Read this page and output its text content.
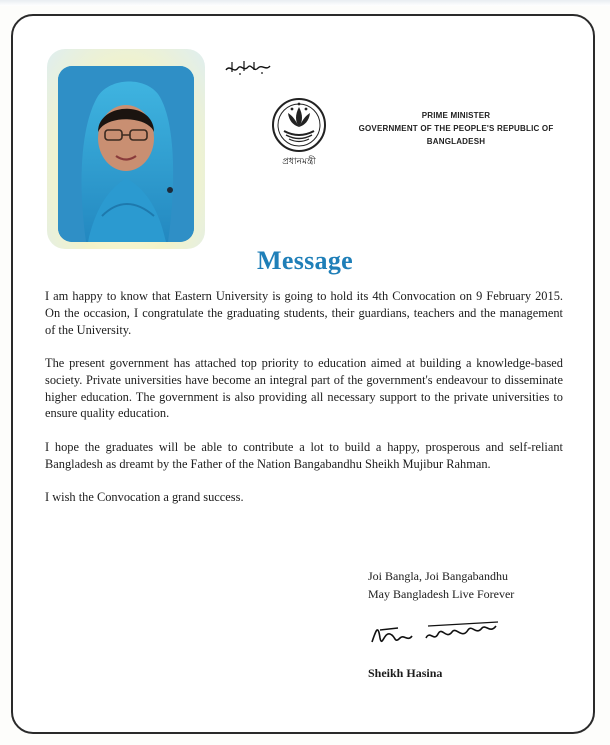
প্রধানমন্ত্রী
PRIME MINISTER
GOVERNMENT OF THE PEOPLE'S REPUBLIC OF
BANGLADESH
Message

I am happy to know that Eastern University is going to hold its 4th Convocation on 9 February 2015. On the occasion, I congratulate the graduating students, their guardians, teachers and the management of the University.

The present government has attached top priority to education aimed at building a knowledge-based society. Private universities have become an integral part of the government's endeavour to disseminate higher education. The government is also providing all necessary support to the private universities to ensure quality education.

I hope the graduates will be able to contribute a lot to build a happy, prosperous and self-reliant Bangladesh as dreamt by the Father of the Nation Bangabandhu Sheikh Mujibur Rahman.

I wish the Convocation a grand success.

Joi Bangla, Joi Bangabandhu
May Bangladesh Live Forever
Sheikh Hasina
